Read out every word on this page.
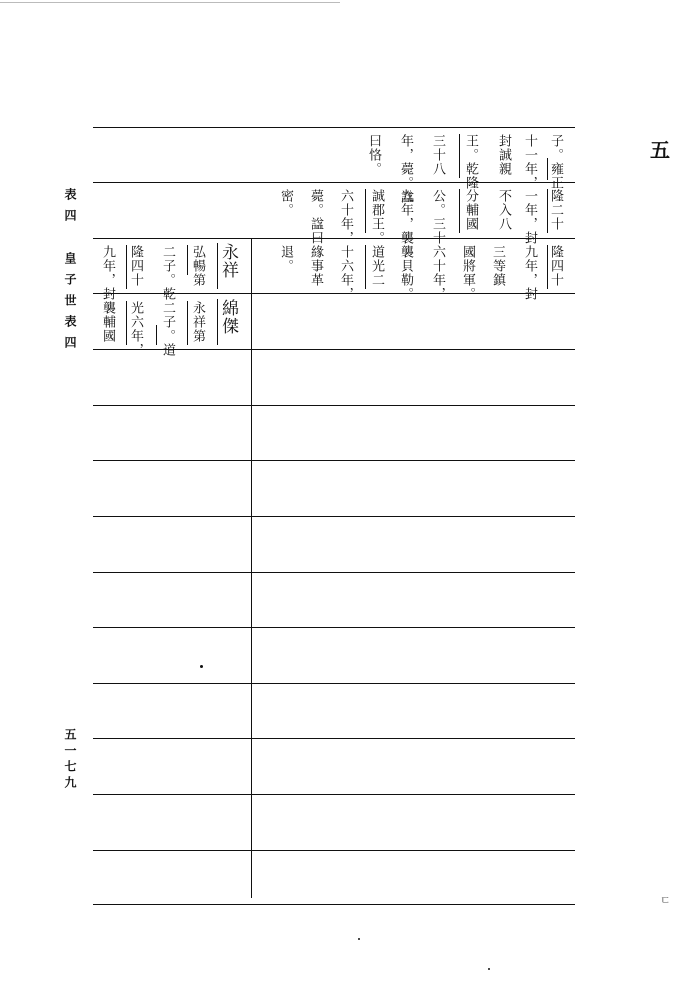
五
表四
皇子世表四
五一七九
ㄷ
子。雍正
十一年，
封誠親
王。乾隆
三十八
年，薨。諡
曰恪。
隆二十
一年，封
不入八
分輔國
公。三十
九年，襲
誠郡王。
六十年，
薨。諡曰
密。
隆四十
九年，封
三等鎮
國將軍。
六十年，
襲貝勒。
道光二
十六年，
緣事革
退。
永祥
弘暢第
二子。乾
隆四十
九年，封
綿傑
永祥第
二子。道
光六年，
襲輔國
